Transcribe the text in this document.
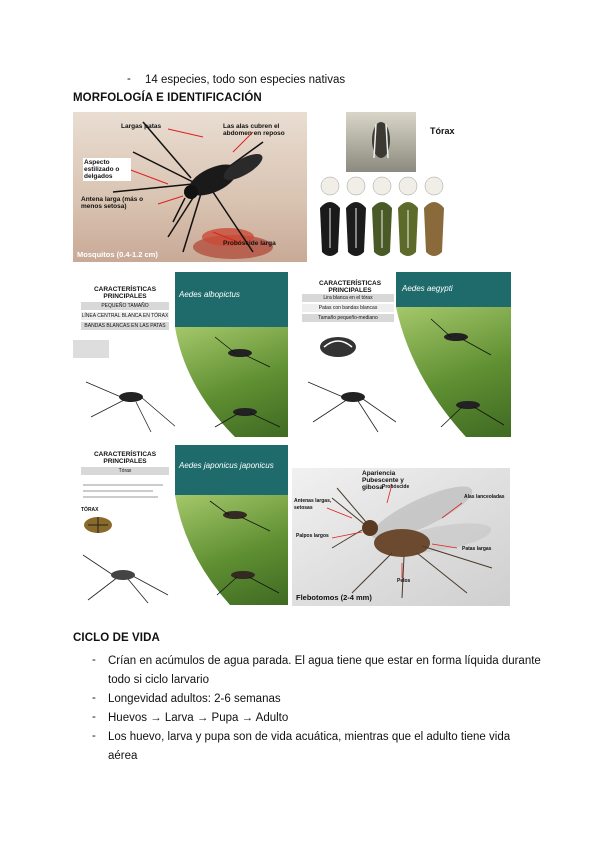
- 14 especies, todo son especies nativas
MORFOLOGÍA E IDENTIFICACIÓN
Largas patas	Las alas cubren el abdomen en reposo
Aspecto estilizado o delgados
Antena larga (más o menos setosa)
Probóscide larga
Mosquitos (0.4-1.2 cm)
Tórax
CARACTERÍSTICAS PRINCIPALES
PEQUEÑO TAMAÑO
LÍNEA CENTRAL BLANCA EN TÓRAX
BANDAS BLANCAS EN LAS PATAS
Aedes albopictus
CARACTERÍSTICAS PRINCIPALES
Lira blanca en el tórax
Patas con bandas blancas
Tamaño pequeño-mediano
Aedes aegypti
CARACTERÍSTICAS PRINCIPALES
Tórax
TÓRAX
Aedes japonicus japonicus
Apariencia Pubescente y gibosa Probóscide
Antenas largas, setosas
Palpos largos
Alas lanceoladas
Patas largas
Pelos
Flebotomos (2-4 mm)
CICLO DE VIDA
- Crían en acúmulos de agua parada. El agua tiene que estar en forma líquida durante
todo si ciclo larvario
- Longevidad adultos: 2-6 semanas
- Huevos → Larva → Pupa → Adulto
- Los huevo, larva y pupa son de vida acuática, mientras que el adulto tiene vida
aérea
